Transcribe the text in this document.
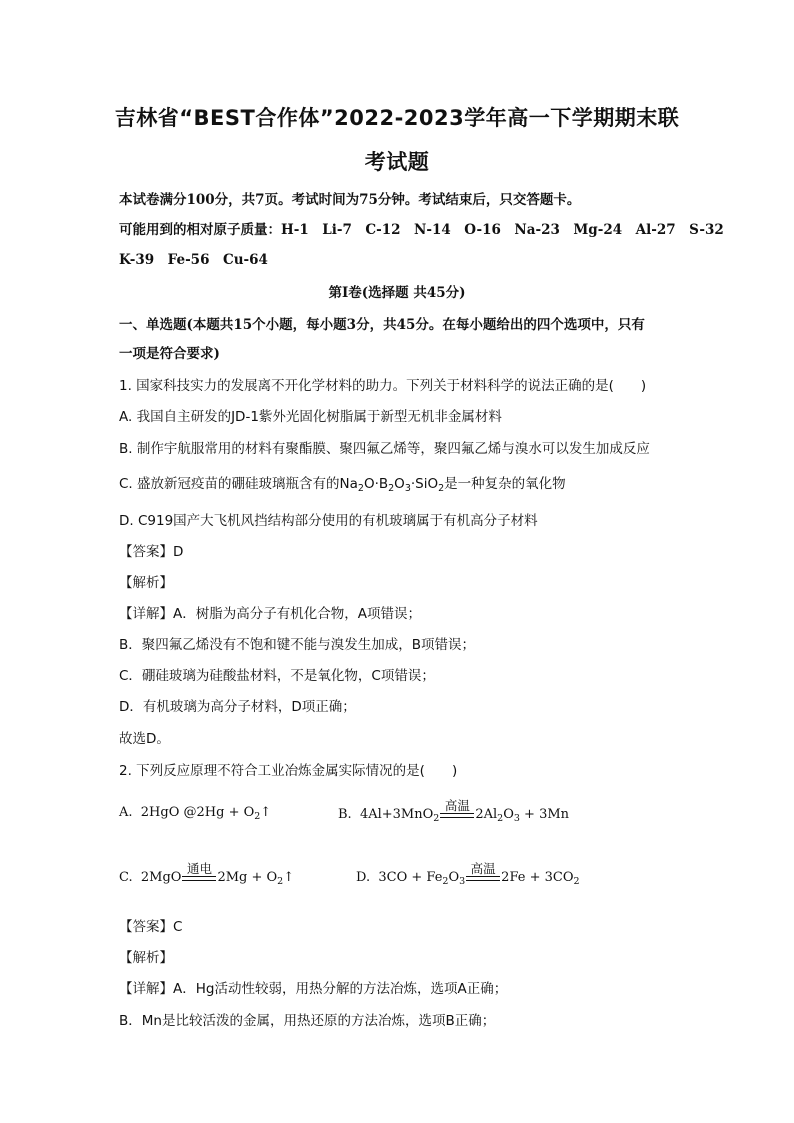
吉林省“BEST合作体”2022-2023学年高一下学期期末联
考试题
本试卷满分100分，共7页。考试时间为75分钟。考试结束后，只交答题卡。
可能用到的相对原子质量：H-1　Li-7　C-12　N-14　O-16　Na-23　Mg-24　Al-27　S-32
K-39　Fe-56　Cu-64
第Ⅰ卷(选择题 共45分)
一、单选题(本题共15个小题，每小题3分，共45分。在每小题给出的四个选项中，只有
一项是符合要求)
1. 国家科技实力的发展离不开化学材料的助力。下列关于材料科学的说法正确的是(　　)
A. 我国自主研发的JD-1紫外光固化树脂属于新型无机非金属材料
B. 制作宇航服常用的材料有聚酯膜、聚四氟乙烯等，聚四氟乙烯与溴水可以发生加成反应
C. 盛放新冠疫苗的硼硅玻璃瓶含有的$Na_2O\cdot B_2O_3\cdot SiO_2$是一种复杂的氧化物
D. C919国产大飞机风挡结构部分使用的有机玻璃属于有机高分子材料
【答案】D
【解析】
【详解】A．树脂为高分子有机化合物，A项错误；
B．聚四氟乙烯没有不饱和键不能与溴发生加成，B项错误；
C．硼硅玻璃为硅酸盐材料，不是氧化物，C项错误；
D．有机玻璃为高分子材料，D项正确；
故选D。
2. 下列反应原理不符合工业冶炼金属实际情况的是(　　)
A.  2HgO @2Hg + $O_2↑$	B.  4Al+3MnO$_2$
高温
$2Al_2O_3 + 3Mn$
C.  2MgO
通电
$2Mg + O_2↑$	D.  $3CO + Fe_2O_3$
高温
$2Fe + 3CO_2$
【答案】C
【解析】
【详解】A．Hg活动性较弱，用热分解的方法冶炼，选项A正确；
B．Mn是比较活泼的金属，用热还原的方法冶炼，选项B正确；
